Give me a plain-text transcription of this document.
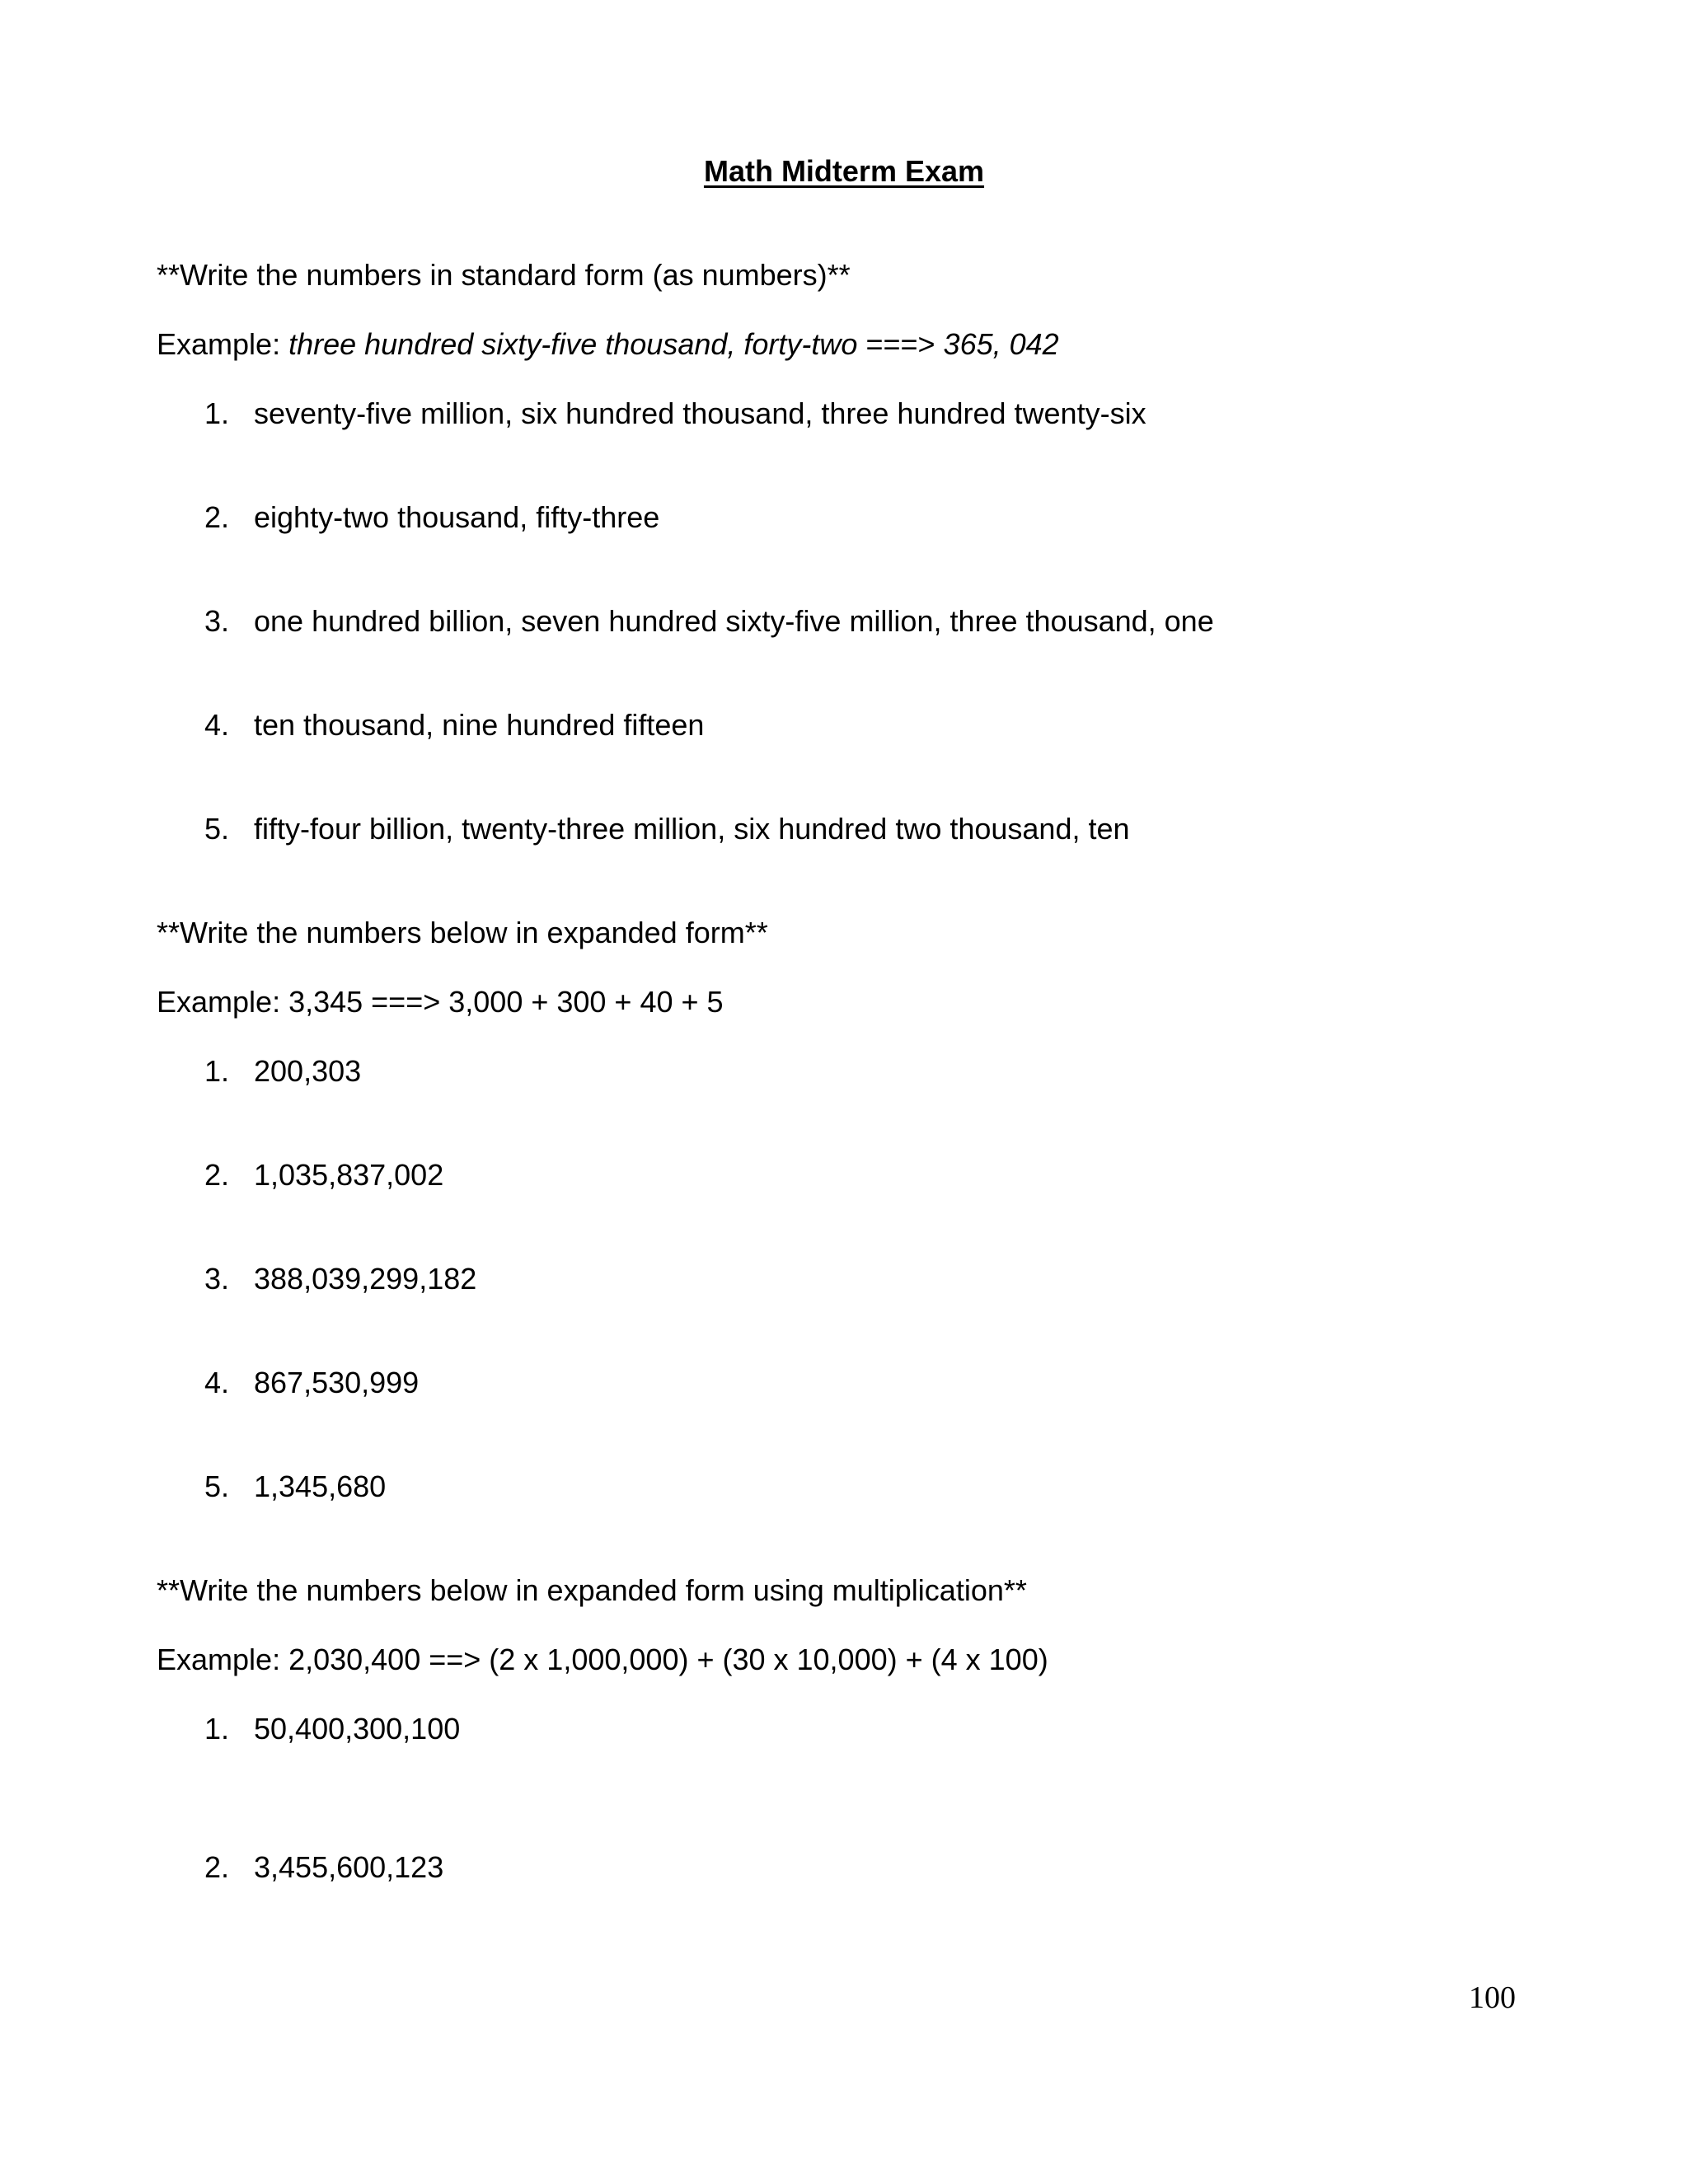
Math Midterm Exam
**Write the numbers in standard form (as numbers)**
Example: three hundred sixty-five thousand, forty-two ===> 365, 042
1. seventy-five million, six hundred thousand, three hundred twenty-six
2. eighty-two thousand, fifty-three
3. one hundred billion, seven hundred sixty-five million, three thousand, one
4. ten thousand, nine hundred fifteen
5. fifty-four billion, twenty-three million, six hundred two thousand, ten
**Write the numbers below in expanded form**
Example: 3,345 ===> 3,000 + 300 + 40 + 5
1. 200,303
2. 1,035,837,002
3. 388,039,299,182
4. 867,530,999
5. 1,345,680
**Write the numbers below in expanded form using multiplication**
Example: 2,030,400 ==> (2 x 1,000,000) + (30 x 10,000) + (4 x 100)
1. 50,400,300,100
2. 3,455,600,123
100
